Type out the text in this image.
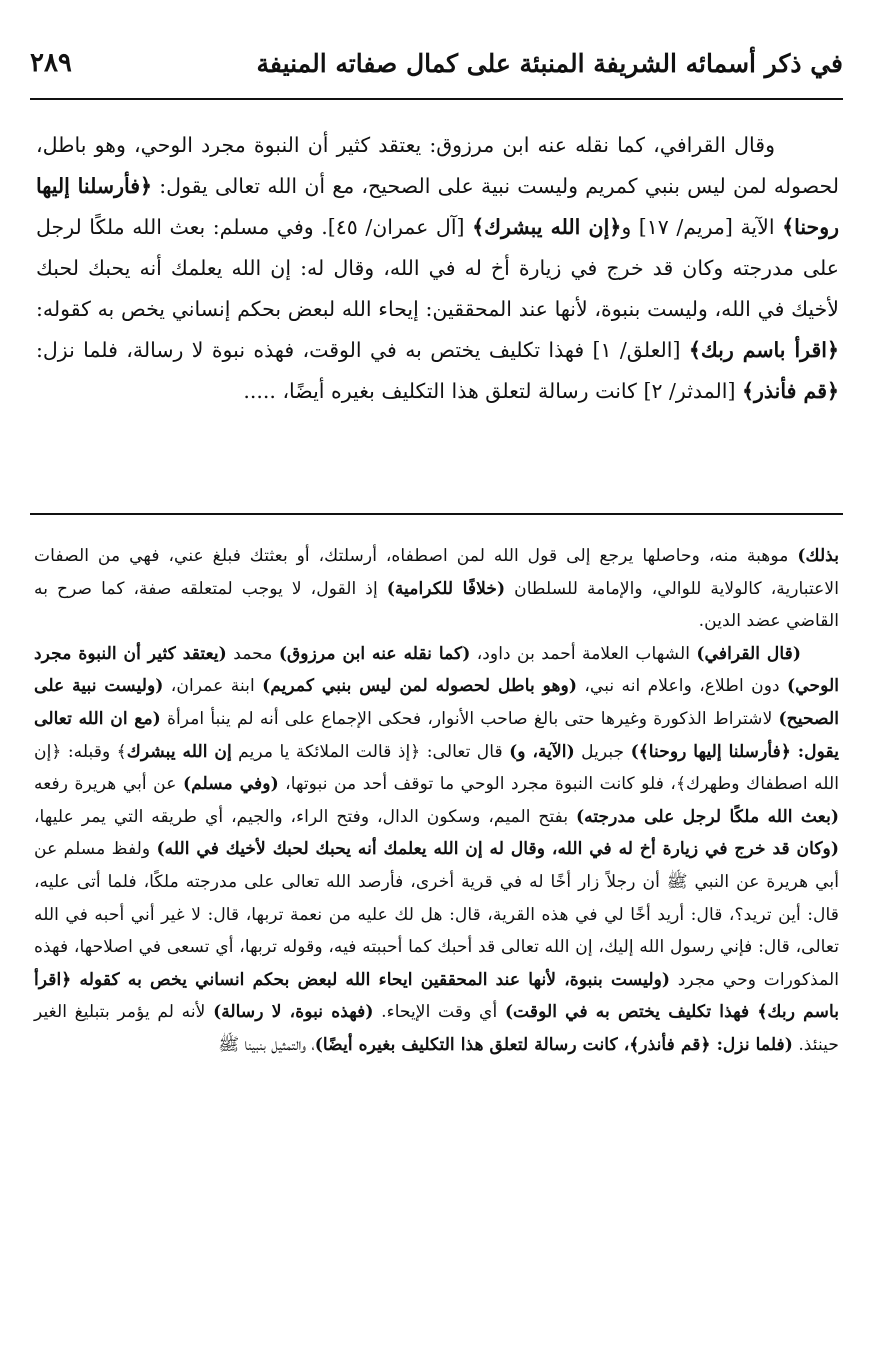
في ذكر أسمائه الشريفة المنبئة على كمال صفاته المنيفة
٢٨٩

وقال القرافي، كما نقله عنه ابن مرزوق: يعتقد كثير أن النبوة مجرد الوحي، وهو باطل، لحصوله لمن ليس بنبي كمريم وليست نبية على الصحيح، مع أن الله تعالى يقول: ﴿فأرسلنا إليها روحنا﴾ الآية [مريم/ ١٧] و﴿إن الله يبشرك﴾ [آل عمران/ ٤٥]. وفي مسلم: بعث الله ملكًا لرجل على مدرجته وكان قد خرج في زيارة أخ له في الله، وقال له: إن الله يعلمك أنه يحبك لحبك لأخيك في الله، وليست بنبوة، لأنها عند المحققين: إيحاء الله لبعض بحكم إنساني يخص به كقوله: ﴿اقرأ باسم ربك﴾ [العلق/ ١] فهذا تكليف يختص به في الوقت، فهذه نبوة لا رسالة، فلما نزل: ﴿قم فأنذر﴾ [المدثر/ ٢] كانت رسالة لتعلق هذا التكليف بغيره أيضًا، .....

بذلك) موهبة منه، وحاصلها يرجع إلى قول الله لمن اصطفاه، أرسلتك، أو بعثتك فبلغ عني، فهي من الصفات الاعتبارية، كالولاية للوالي، والإمامة للسلطان (خلافًا للكرامية) إذ القول، لا يوجب لمتعلقه صفة، كما صرح به القاضي عضد الدين.

(قال القرافي) الشهاب العلامة أحمد بن داود، (كما نقله عنه ابن مرزوق) محمد (يعتقد كثير أن النبوة مجرد الوحي) دون اطلاع، واعلام انه نبي، (وهو باطل لحصوله لمن ليس بنبي كمريم) ابنة عمران، (وليست نبية على الصحيح) لاشتراط الذكورة وغيرها حتى بالغ صاحب الأنوار، فحكى الإجماع على أنه لم ينبأ امرأة (مع ان الله تعالى يقول: ﴿فأرسلنا إليها روحنا﴾) جبريل (الآية، و) قال تعالى: ﴿إذ قالت الملائكة يا مريم إن الله يبشرك﴾ وقبله: ﴿إن الله اصطفاك وطهرك﴾، فلو كانت النبوة مجرد الوحي ما توقف أحد من نبوتها، (وفي مسلم) عن أبي هريرة رفعه (بعث الله ملكًا لرجل على مدرجته) بفتح الميم، وسكون الدال، وفتح الراء، والجيم، أي طريقه التي يمر عليها، (وكان قد خرج في زيارة أخ له في الله، وقال له إن الله يعلمك أنه يحبك لحبك لأخيك في الله) ولفظ مسلم عن أبي هريرة عن النبي ﷺ أن رجلاً زار أخًا له في قرية أخرى، فأرصد الله تعالى على مدرجته ملكًا، فلما أتى عليه، قال: أين تريد؟، قال: أريد أخًا لي في هذه القرية، قال: هل لك عليه من نعمة تربها، قال: لا غير أني أحبه في الله تعالى، قال: فإني رسول الله إليك، إن الله تعالى قد أحبك كما أحببته فيه، وقوله تربها، أي تسعى في اصلاحها، فهذه المذكورات وحي مجرد (وليست بنبوة، لأنها عند المحققين ايحاء الله لبعض بحكم انساني يخص به كقوله ﴿اقرأ باسم ربك﴾ فهذا تكليف يختص به في الوقت) أي وقت الإيحاء. (فهذه نبوة، لا رسالة) لأنه لم يؤمر بتبليغ الغير حينئذ. (فلما نزل: ﴿قم فأنذر﴾، كانت رسالة لتعلق هذا التكليف بغيره أيضًا)، والتمثيل بنبينا ﷺ
